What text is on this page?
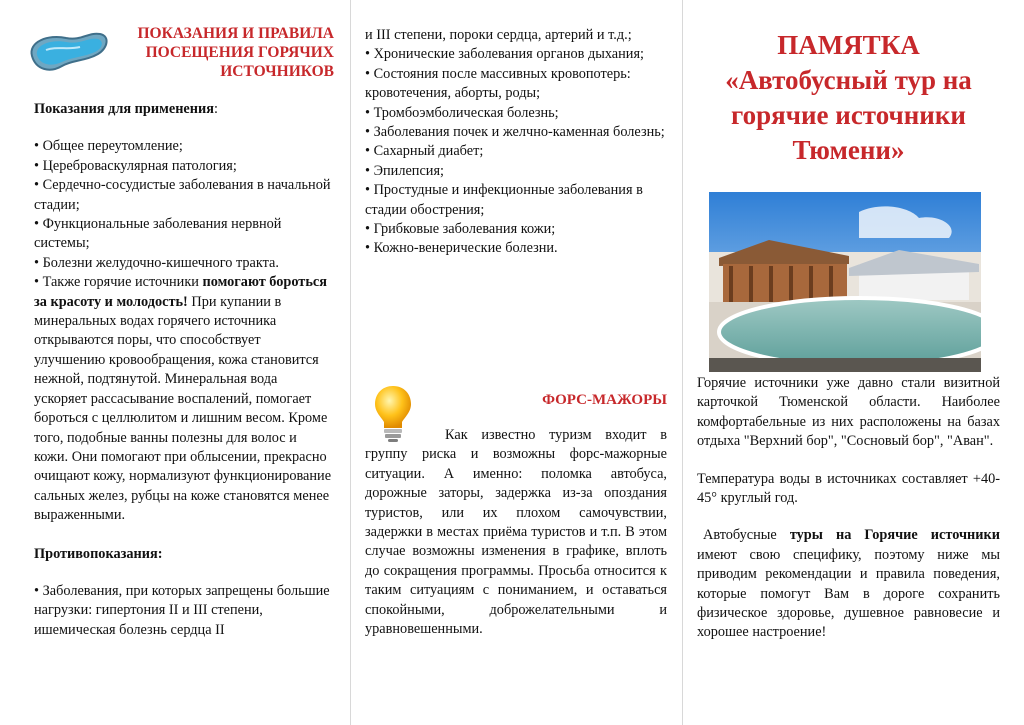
ПОКАЗАНИЯ И ПРАВИЛА ПОСЕЩЕНИЯ ГОРЯЧИХ ИСТОЧНИКОВ

Показания для применения:

• Общее переутомление;
• Цереброваскулярная патология;
• Сердечно-сосудистые заболевания в начальной стадии;
• Функциональные заболевания нервной системы;
• Болезни желудочно-кишечного тракта.
• Также горячие источники помогают бороться за красоту и молодость! При купании в минеральных водах горячего источника открываются поры, что способствует улучшению кровообращения, кожа становится нежной, подтянутой. Минеральная вода ускоряет рассасывание воспалений, помогает бороться с целлюлитом и лишним весом. Кроме того, подобные ванны полезны для волос и кожи. Они помогают при облысении, прекрасно очищают кожу, нормализуют функционирование сальных желез, рубцы на коже становятся менее выраженными.

Противопоказания:

• Заболевания, при которых запрещены большие нагрузки: гипертония II и III степени, ишемическая болезнь сердца II
и III степени, пороки сердца, артерий и т.д.;
• Хронические заболевания органов дыхания;
• Состояния после массивных кровопотерь: кровотечения, аборты, роды;
• Тромбоэмболическая болезнь;
• Заболевания почек и желчно-каменная болезнь;
• Сахарный диабет;
• Эпилепсия;
• Простудные и инфекционные заболевания в стадии обострения;
• Грибковые заболевания кожи;
• Кожно-венерические болезни.
ФОРС-МАЖОРЫ
Как известно туризм входит в группу риска и возможны форс-мажорные ситуации. А именно: поломка автобуса, дорожные заторы, задержка из-за опоздания туристов, или их плохом самочувствии, задержки в местах приёма туристов и т.п. В этом случае возможны изменения в графике, вплоть до сокращения программы. Просьба относится к таким ситуациям с пониманием, и оставаться спокойными, доброжелательными и уравновешенными.
ПАМЯТКА
«Автобусный тур на горячие источники Тюмени»
Горячие источники уже давно стали визитной карточкой Тюменской области. Наиболее комфортабельные из них расположены на базах отдыха "Верхний бор", "Сосновый бор", "Аван".
Температура воды в источниках составляет +40-45° круглый год.
Автобусные туры на Горячие источники имеют свою специфику, поэтому ниже мы приводим рекомендации и правила поведения, которые помогут Вам в дороге сохранить физическое здоровье, душевное равновесие и хорошее настроение!
